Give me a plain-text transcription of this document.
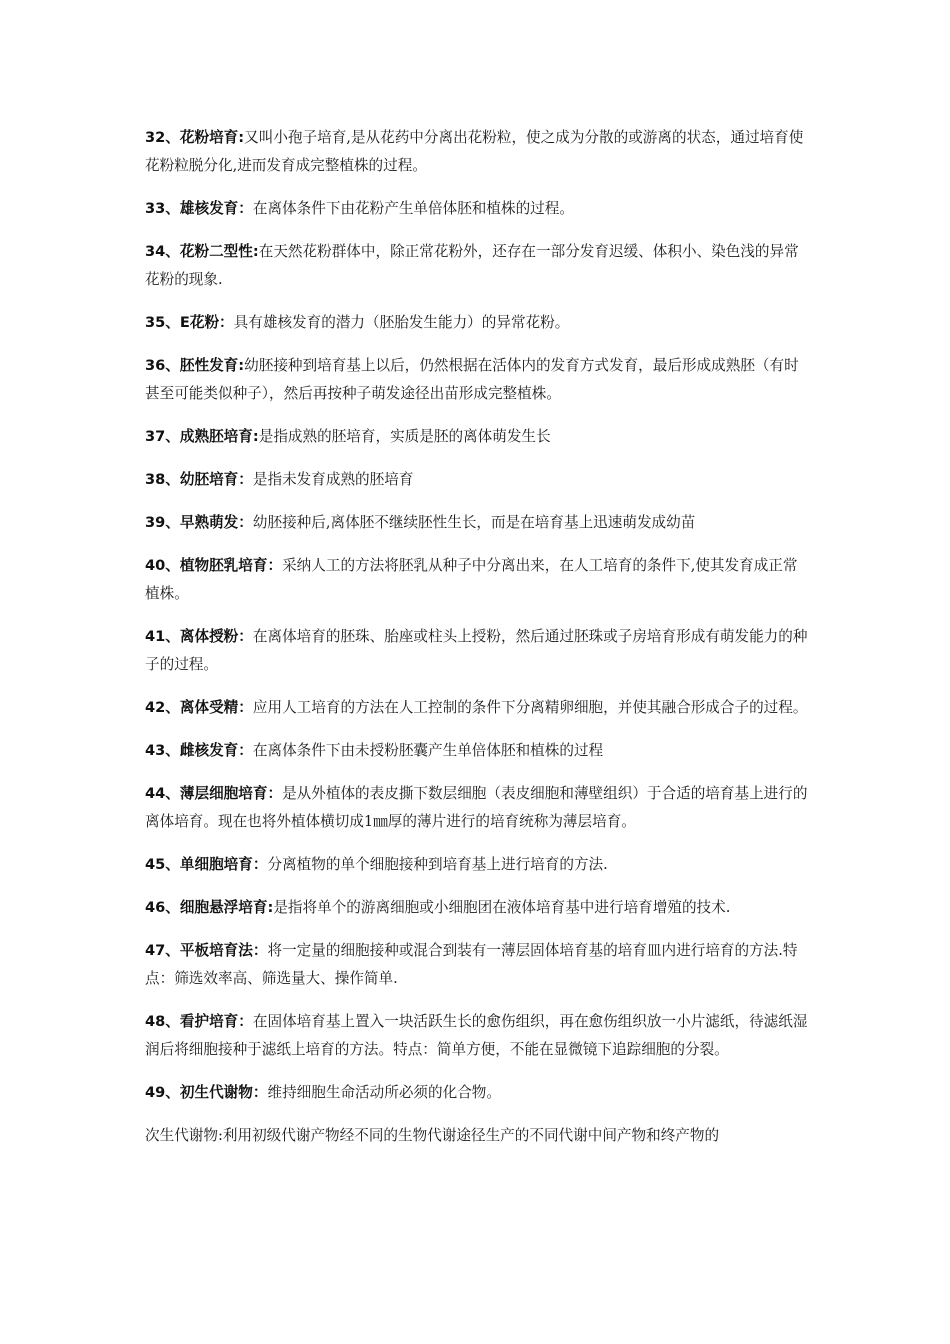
32、花粉培育:又叫小孢子培育,是从花药中分离出花粉粒，使之成为分散的或游离的状态，通过培育使花粉粒脱分化,进而发育成完整植株的过程。

33、雄核发育：在离体条件下由花粉产生单倍体胚和植株的过程。

34、花粉二型性:在天然花粉群体中，除正常花粉外，还存在一部分发育迟缓、体积小、染色浅的异常花粉的现象.

35、E花粉：具有雄核发育的潜力（胚胎发生能力）的异常花粉。

36、胚性发育:幼胚接种到培育基上以后，仍然根据在活体内的发育方式发育，最后形成成熟胚（有时甚至可能类似种子），然后再按种子萌发途径出苗形成完整植株。

37、成熟胚培育:是指成熟的胚培育，实质是胚的离体萌发生长

38、幼胚培育：是指未发育成熟的胚培育

39、早熟萌发：幼胚接种后,离体胚不继续胚性生长，而是在培育基上迅速萌发成幼苗

40、植物胚乳培育：采纳人工的方法将胚乳从种子中分离出来，在人工培育的条件下,使其发育成正常植株。

41、离体授粉：在离体培育的胚珠、胎座或柱头上授粉，然后通过胚珠或子房培育形成有萌发能力的种子的过程。

42、离体受精：应用人工培育的方法在人工控制的条件下分离精卵细胞，并使其融合形成合子的过程。

43、雌核发育：在离体条件下由未授粉胚囊产生单倍体胚和植株的过程

44、薄层细胞培育：是从外植体的表皮撕下数层细胞（表皮细胞和薄壁组织）于合适的培育基上进行的离体培育。现在也将外植体横切成1㎜厚的薄片进行的培育统称为薄层培育。

45、单细胞培育：分离植物的单个细胞接种到培育基上进行培育的方法.

46、细胞悬浮培育:是指将单个的游离细胞或小细胞团在液体培育基中进行培育增殖的技术.

47、平板培育法：将一定量的细胞接种或混合到装有一薄层固体培育基的培育皿内进行培育的方法.特点：筛选效率高、筛选量大、操作简单.

48、看护培育：在固体培育基上置入一块活跃生长的愈伤组织，再在愈伤组织放一小片滤纸，待滤纸湿润后将细胞接种于滤纸上培育的方法。特点：简单方便，不能在显微镜下追踪细胞的分裂。

49、初生代谢物：维持细胞生命活动所必须的化合物。

次生代谢物:利用初级代谢产物经不同的生物代谢途径生产的不同代谢中间产物和终产物的
